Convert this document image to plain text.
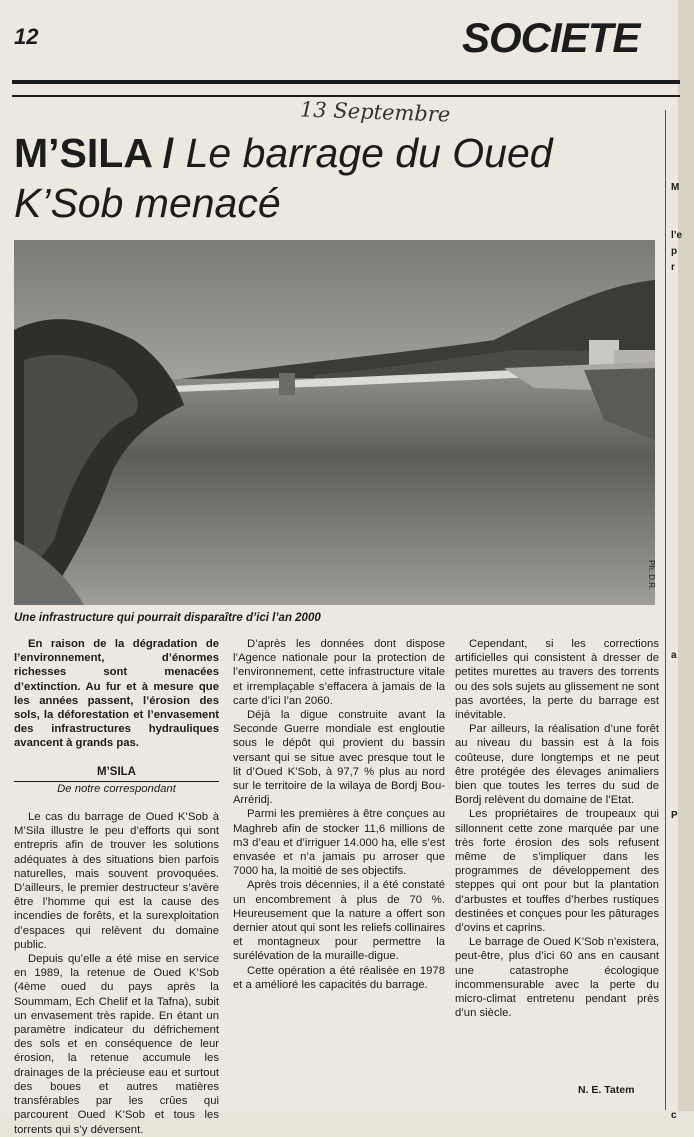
12	SOCIETE
13 Septembre
M’SILA / Le barrage du Oued K’Sob menacé
Ph. D.R.
Une infrastructure qui pourrait disparaître d’ici l’an 2000

En raison de la dégradation de l’environnement, d’énormes richesses sont menacées d’extinction. Au fur et à mesure que les années passent, l’érosion des sols, la déforestation et l’envasement des infrastructures hydrauliques avancent à grands pas.

M’SILA

De notre correspondant

Le cas du barrage de Oued K’Sob à M’Sila illustre le peu d’efforts qui sont entrepris afin de trouver les solutions adéquates à des situations bien parfois naturelles, mais souvent provoquées. D’ailleurs, le premier destructeur s’avère être l’homme qui est la cause des incendies de forêts, et la surexploitation d’espaces qui relèvent du domaine public.

Depuis qu’elle a été mise en service en 1989, la retenue de Oued K’Sob (4ème oued du pays après la Soummam, Ech Chelif et la Tafna), subit un envasement très rapide. En étant un paramètre indicateur du défrichement des sols et en conséquence de leur érosion, la retenue accumule les drainages de la précieuse eau et surtout des boues et autres matières transférables par les crûes qui parcourent Oued K’Sob et tous les torrents qui s’y déversent.

D’après les données dont dispose l’Agence nationale pour la protection de l’environnement, cette infrastructure vitale et irremplaçable s’effacera à jamais de la carte d’ici l’an 2060.

Déjà la digue construite avant la Seconde Guerre mondiale est engloutie sous le dépôt qui provient du bassin versant qui se situe avec presque tout le lit d’Oued K’Sob, à 97,7 % plus au nord sur le territoire de la wilaya de Bordj Bou-Arréridj.

Parmi les premières à être conçues au Maghreb afin de stocker 11,6 millions de m3 d’eau et d’irriguer 14.000 ha, elle s’est envasée et n’a jamais pu arroser que 7000 ha, la moitié de ses objectifs.

Après trois décennies, il a été constaté un encombrement à plus de 70 %. Heureusement que la nature a offert son dernier atout qui sont les reliefs collinaires et montagneux pour permettre la surélévation de la muraille-digue.

Cette opération a été réalisée en 1978 et a amélioré les capacités du barrage.

Cependant, si les corrections artificielles qui consistent à dresser de petites murettes au travers des torrents ou des sols sujets au glissement ne sont pas avortées, la perte du barrage est inévitable.

Par ailleurs, la réalisation d’une forêt au niveau du bassin est à la fois coûteuse, dure longtemps et ne peut être protégée des élevages animaliers bien que toutes les terres du sud de Bordj relèvent du domaine de l’Etat.

Les propriétaires de troupeaux qui sillonnent cette zone marquée par une très forte érosion des sols refusent même de s’impliquer dans les programmes de développement des steppes qui ont pour but la plantation d’arbustes et touffes d’herbes rustiques destinées et conçues pour les pâturages d’ovins et caprins.

Le barrage de Oued K’Sob n’existera, peut-être, plus d’ici 60 ans en causant une catastrophe écologique incommensurable avec la perte du micro-climat entretenu pendant près d’un siècle.

N. E. Tatem
M
l’e
p
r
a
P
c
